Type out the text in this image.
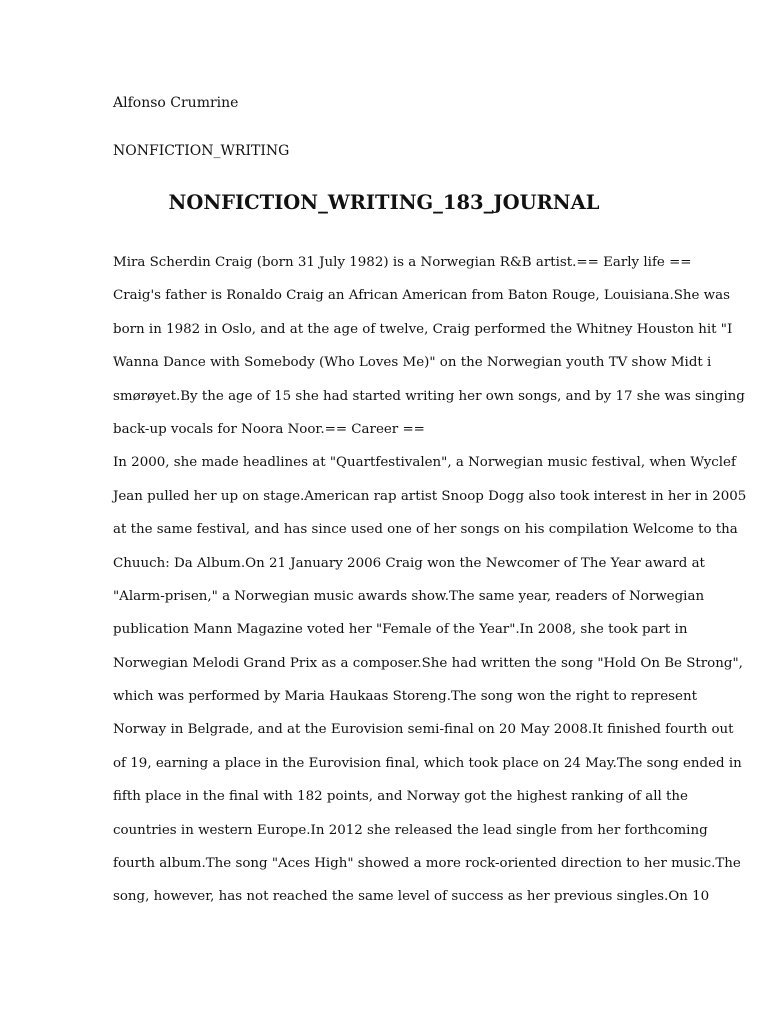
Alfonso Crumrine
NONFICTION_WRITING
NONFICTION_WRITING_183_JOURNAL
Mira Scherdin Craig (born 31 July 1982) is a Norwegian R&B artist.== Early life ==
Craig's father is Ronaldo Craig an African American from Baton Rouge, Louisiana.She was
born in 1982 in Oslo, and at the age of twelve, Craig performed the Whitney Houston hit "I
Wanna Dance with Somebody (Who Loves Me)" on the Norwegian youth TV show Midt i
smørøyet.By the age of 15 she had started writing her own songs, and by 17 she was singing
back-up vocals for Noora Noor.== Career ==
In 2000, she made headlines at "Quartfestivalen", a Norwegian music festival, when Wyclef
Jean pulled her up on stage.American rap artist Snoop Dogg also took interest in her in 2005
at the same festival, and has since used one of her songs on his compilation Welcome to tha
Chuuch: Da Album.On 21 January 2006 Craig won the Newcomer of The Year award at
"Alarm-prisen," a Norwegian music awards show.The same year, readers of Norwegian
publication Mann Magazine voted her "Female of the Year".In 2008, she took part in
Norwegian Melodi Grand Prix as a composer.She had written the song "Hold On Be Strong",
which was performed by Maria Haukaas Storeng.The song won the right to represent
Norway in Belgrade, and at the Eurovision semi-final on 20 May 2008.It finished fourth out
of 19, earning a place in the Eurovision final, which took place on 24 May.The song ended in
fifth place in the final with 182 points, and Norway got the highest ranking of all the
countries in western Europe.In 2012 she released the lead single from her forthcoming
fourth album.The song "Aces High" showed a more rock-oriented direction to her music.The
song, however, has not reached the same level of success as her previous singles.On 10
